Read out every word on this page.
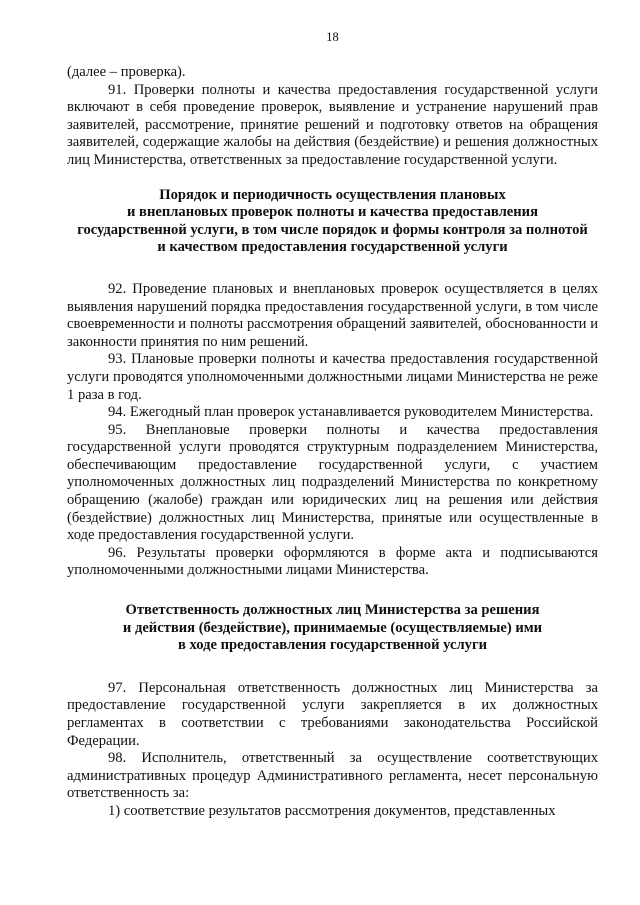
18

(далее – проверка).

91. Проверки полноты и качества предоставления государственной услуги включают в себя проведение проверок, выявление и устранение нарушений прав заявителей, рассмотрение, принятие решений и подготовку ответов на обращения заявителей, содержащие жалобы на действия (бездействие) и решения должностных лиц Министерства, ответственных за предоставление государственной услуги.

Порядок и периодичность осуществления плановых
и внеплановых проверок полноты и качества предоставления
государственной услуги, в том числе порядок и формы контроля за полнотой
и качеством предоставления государственной услуги

92. Проведение плановых и внеплановых проверок осуществляется в целях выявления нарушений порядка предоставления государственной услуги, в том числе своевременности и полноты рассмотрения обращений заявителей, обоснованности и законности принятия по ним решений.

93. Плановые проверки полноты и качества предоставления государственной услуги проводятся уполномоченными должностными лицами Министерства не реже 1 раза в год.

94. Ежегодный план проверок устанавливается руководителем Министерства.

95. Внеплановые проверки полноты и качества предоставления государственной услуги проводятся структурным подразделением Министерства, обеспечивающим предоставление государственной услуги, с участием уполномоченных должностных лиц подразделений Министерства по конкретному обращению (жалобе) граждан или юридических лиц на решения или действия (бездействие) должностных лиц Министерства, принятые или осуществленные в ходе предоставления государственной услуги.

96. Результаты проверки оформляются в форме акта и подписываются уполномоченными должностными лицами Министерства.

Ответственность должностных лиц Министерства за решения
и действия (бездействие), принимаемые (осуществляемые) ими
в ходе предоставления государственной услуги

97. Персональная ответственность должностных лиц Министерства за предоставление государственной услуги закрепляется в их должностных регламентах в соответствии с требованиями законодательства Российской Федерации.

98. Исполнитель, ответственный за осуществление соответствующих административных процедур Административного регламента, несет персональную ответственность за:

1) соответствие результатов рассмотрения документов, представленных
